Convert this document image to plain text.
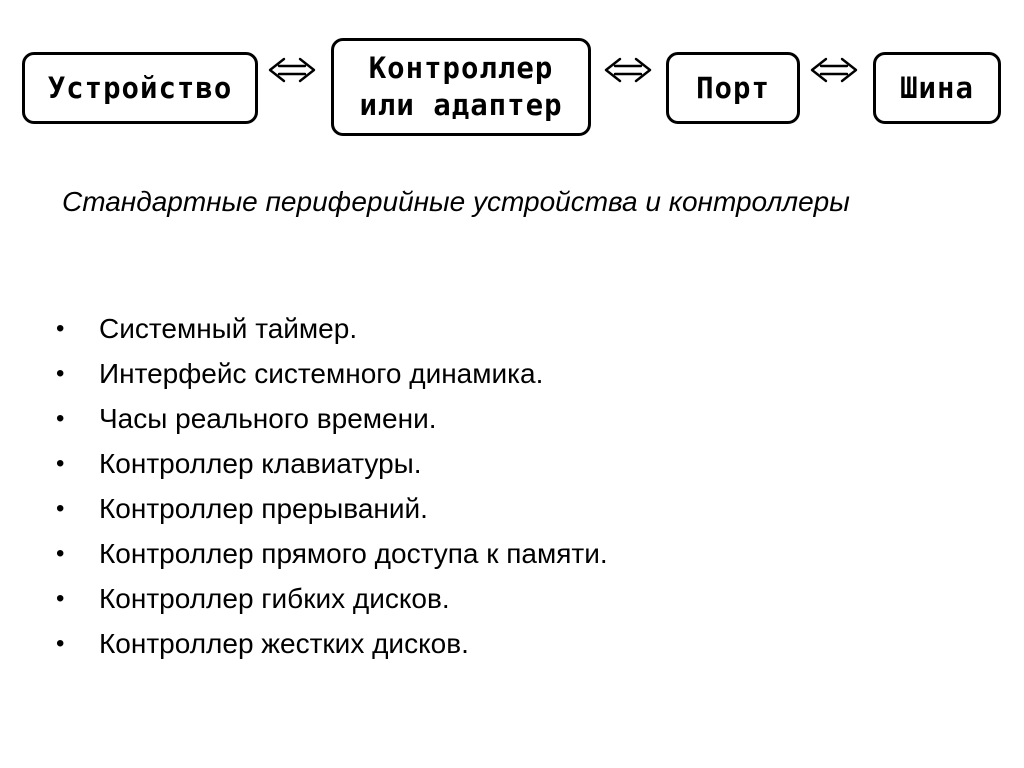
Устройство
Контроллер
или адаптер
Порт	Шина

Стандартные периферийные устройства и контроллеры

• Системный таймер.
• Интерфейс системного динамика.
• Часы реального времени.
• Контроллер клавиатуры.
• Контроллер прерываний.
• Контроллер прямого доступа к памяти.
• Контроллер гибких дисков.
• Контроллер жестких дисков.
